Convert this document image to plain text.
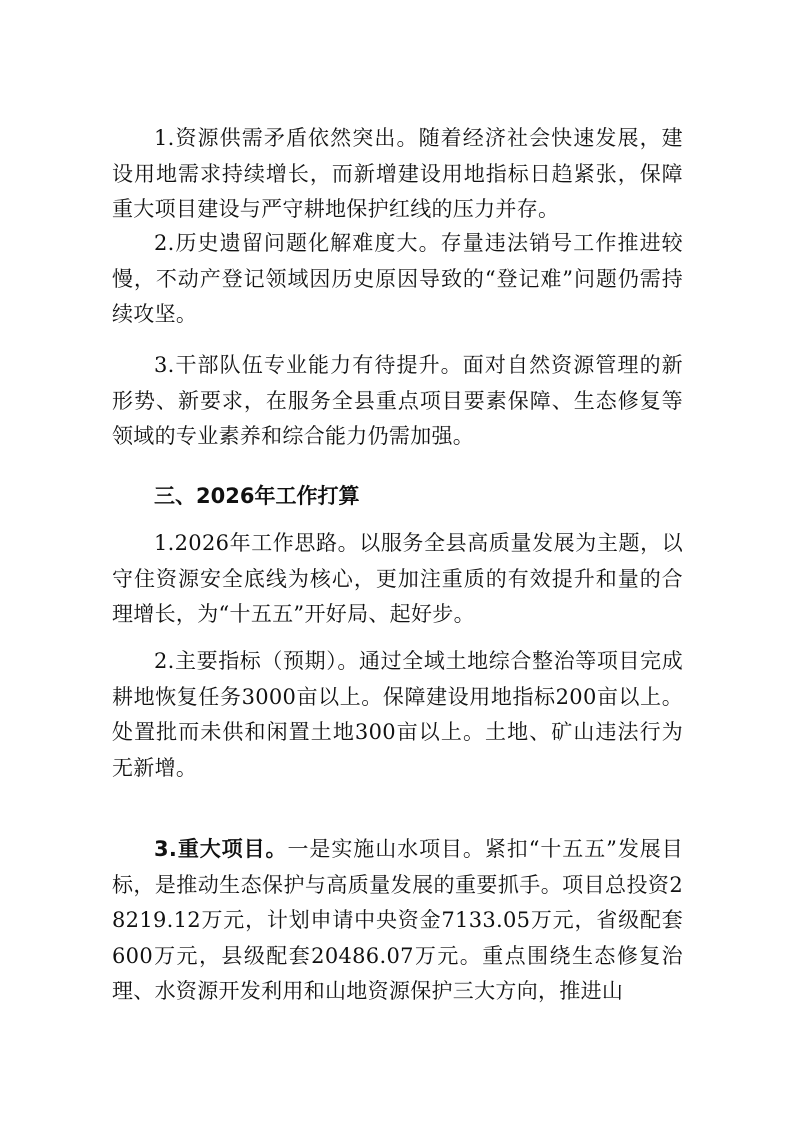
1.资源供需矛盾依然突出。随着经济社会快速发展，建设用地需求持续增长，而新增建设用地指标日趋紧张，保障重大项目建设与严守耕地保护红线的压力并存。

2.历史遗留问题化解难度大。存量违法销号工作推进较慢，不动产登记领域因历史原因导致的“登记难”问题仍需持续攻坚。

3.干部队伍专业能力有待提升。面对自然资源管理的新形势、新要求，在服务全县重点项目要素保障、生态修复等领域的专业素养和综合能力仍需加强。

三、2026年工作打算

1.2026年工作思路。以服务全县高质量发展为主题，以守住资源安全底线为核心，更加注重质的有效提升和量的合理增长，为“十五五”开好局、起好步。

2.主要指标（预期）。通过全域土地综合整治等项目完成耕地恢复任务3000亩以上。保障建设用地指标200亩以上。处置批而未供和闲置土地300亩以上。土地、矿山违法行为无新增。

3.重大项目。一是实施山水项目。紧扣“十五五”发展目标，是推动生态保护与高质量发展的重要抓手。项目总投资28219.12万元，计划申请中央资金7133.05万元，省级配套600万元，县级配套20486.07万元。重点围绕生态修复治理、水资源开发利用和山地资源保护三大方向，推进山
